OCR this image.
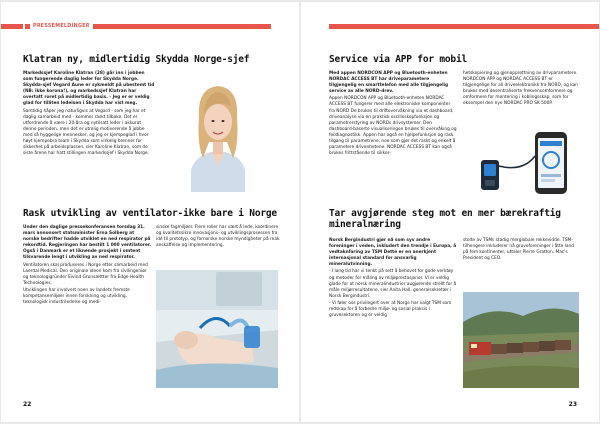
PRESSEMELDINGER
Klatran ny, midlertidig Skydda Norge-sjef

Markedssjef Karoline Klatran (28) går inn i jobben som fungerende daglig leder for Skydda Norge. Skydda-sjef Vegard Aune er sykmeldt på ubestemt tid (NB: ikke korona!), og markedssjef Klatran har overtatt roret på midlertidig basis. - Jeg er er veldig glad for tilliten ledelsen i Skydda har vist meg.

Samtidig håper jeg naturligvis at Vegard - som jeg har et daglig samarbeid med - kommer raskt tilbake. Det er utfordrende å være i 20-åra og nytilsatt leder i akkurat denne perioden, men det er utrolig motiverende å jobbe med så hyggelige mennesker, og jeg er kjempeglad i hvor høyt kjempebra team i Skydda som virkelig brenner for sikkerhet på arbeidsplassen, sier Karoline Klatran, som de siste årene har hatt stillingen markedssjef i Skydda Norge.

Rask utvikling av ventilator-ikke bare i Norge

Under den daglige pressekonferansen torsdag 31. mars annonsert statsminister Erna Solberg at norske bedrifter hadde utviklet en ned respirator på rekordtid. Regjeringen har bestilt 1 000 ventilatorer. Også i Danmark er et liknende prosjekt i omtent tilsvarende lengt i utvikling av ned respirator.

Ventilatoren skal produseres i Norge etter samarbeid med Laerdal Medical. Den originale ideen kom fra sivilingeniør og teknologigründer Eivind Grunsættter fra Edge Health Technologies.

Utviklingen har involvert noen av landets fremste kompetansemiljøer innen forskning og utvikling, teknologisk industriledelse og medi-

sinske fagmiljøer. Flere roller har vært å lede, koordinere og kvalitetssikre innovasjons- og utviklingsprosessen fra idé til prototyp, og fornorske norske myndigheter på reak anskaffelse og implementering.

22
Service via APP for mobil

Med appen NORDCON APP og Bluetooth-enheten NORDAC ACCESS BT har driveparametere tilgjengelig en smarttelefon med alle tilgjengelig service av alle NORD-drev.

Appen NORDCON APP og Bluetooth-enheten NORDAC ACCESS BT fungerer med alle elektroniske komponenter fra NORD De brukes til driftovervåkning via et dashboard, driveanalyse via en praktisk oscilloskopfunksjon og parametrerstyring av NORDs drivsystemer. Den dashboard-baserte visualiseringen brukes til overvåking og feildiagnostikk. Appen har også en hjelpefunksjon og rask tilgang til parametrene, noe som gjør det raskt og enkelt å parametere drivenhetene. NORDAC ACCESS BT kan også brukes frittstående til sikker-

hetskopiering og gjenopprettning av drivparametere. NORDCON APP og NORDAC ACCESS BT er tilgjengelige for all driveelektronikk fra NORD, og kan brukes med desentraliserte frekvensomformere og omformere for montering i koblingsskap, som for eksempel den nye NORDAC PRO SK 500P.

Tar avgjørende steg mot en mer bærekraftig mineralnæring

Norsk Bergindustri gjør nå som syv andre foreninger i veden, inkludert den trendje i Europa, å vedtaknfaring av TSM Dette er en anerkjent internasjonal standard for ansvarlig mineralutvinning.

- I lang tid har vi tenkt på sett å behovet for gode verktøy og metoder for måling av miljøprestasjoner. Vi er veldig glade for at norsk mineralindustrier augjørende strellt for å måle miljørresultatene, sier Anita Hall, generalsekretær i Norsk Bergindustri.

- Vi føler oss privilegert over at Norge har valgt TSM som redskap for å forbedre miljø- og sosial praksis i gruvesektoren og er veldig

stolte av TSMs stadig merglobale rekkevidde. TSM-tilhengere inkluderer nå gruveforeninger i åtte land på fem kontinenter, uttaler Pierre Gratton, Mac's President og CEO.

23
